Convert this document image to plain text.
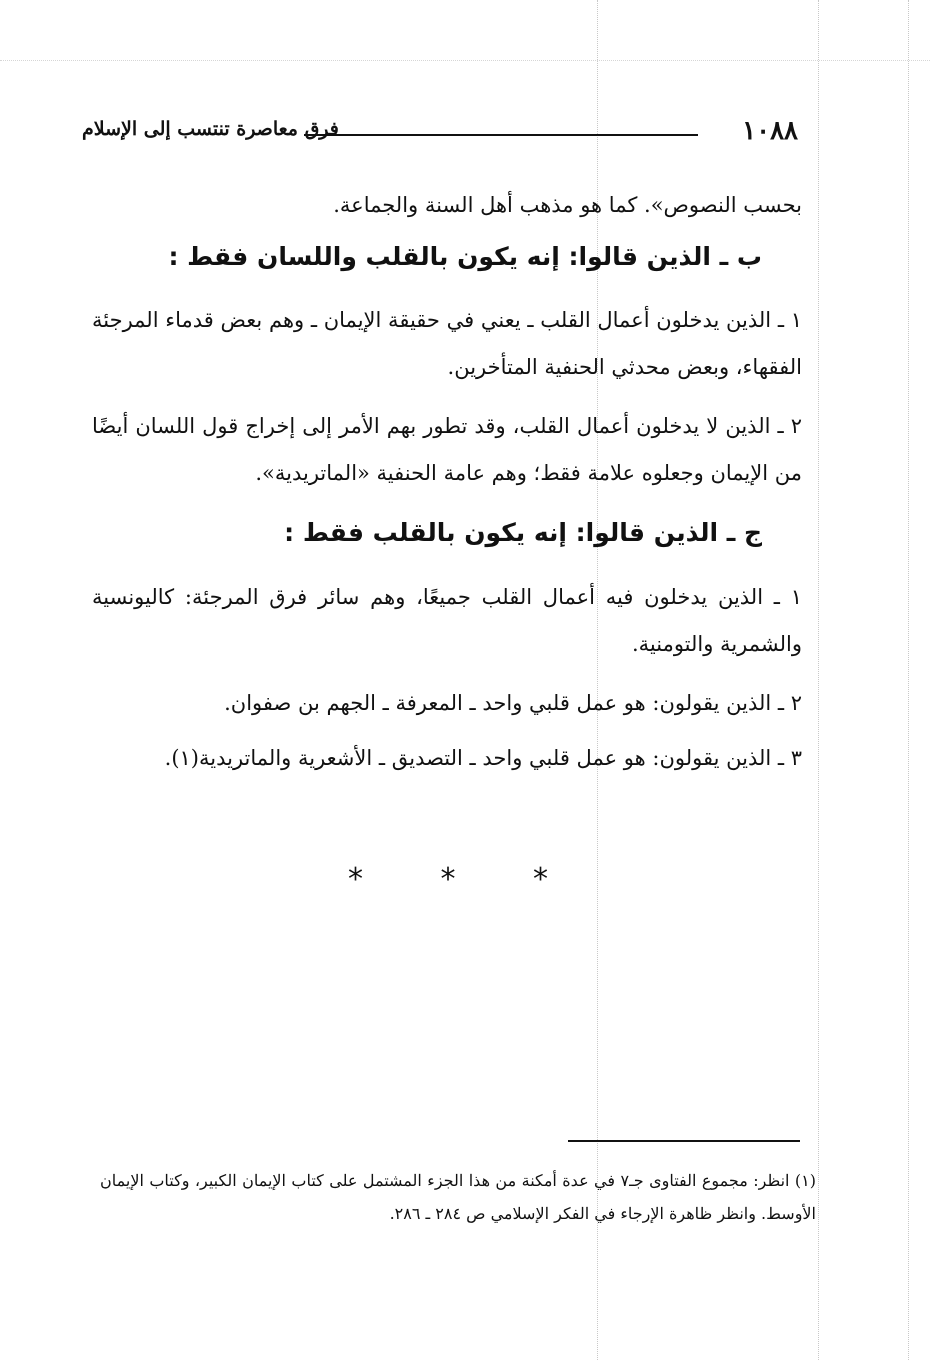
١٠٨٨
فرق معاصرة تنتسب إلى الإسلام
بحسب النصوص». كما هو مذهب أهل السنة والجماعة.
ب ـ الذين قالوا: إنه يكون بالقلب واللسان فقط :
١ ـ الذين يدخلون أعمال القلب ـ يعني في حقيقة الإيمان ـ وهم بعض قدماء المرجئة الفقهاء، وبعض محدثي الحنفية المتأخرين.
٢ ـ الذين لا يدخلون أعمال القلب، وقد تطور بهم الأمر إلى إخراج قول اللسان أيضًا من الإيمان وجعلوه علامة فقط؛ وهم عامة الحنفية «الماتريدية».
ج ـ الذين قالوا: إنه يكون بالقلب فقط :
١ ـ الذين يدخلون فيه أعمال القلب جميعًا، وهم سائر فرق المرجئة: كاليونسية والشمرية والتومنية.
٢ ـ الذين يقولون: هو عمل قلبي واحد ـ المعرفة ـ الجهم بن صفوان.
٣ ـ الذين يقولون: هو عمل قلبي واحد ـ التصديق ـ الأشعرية والماتريدية(١).
* * *
(١) انظر: مجموع الفتاوى جـ٧ في عدة أمكنة من هذا الجزء المشتمل على كتاب الإيمان الكبير، وكتاب الإيمان الأوسط. وانظر ظاهرة الإرجاء في الفكر الإسلامي ص ٢٨٤ ـ ٢٨٦.
